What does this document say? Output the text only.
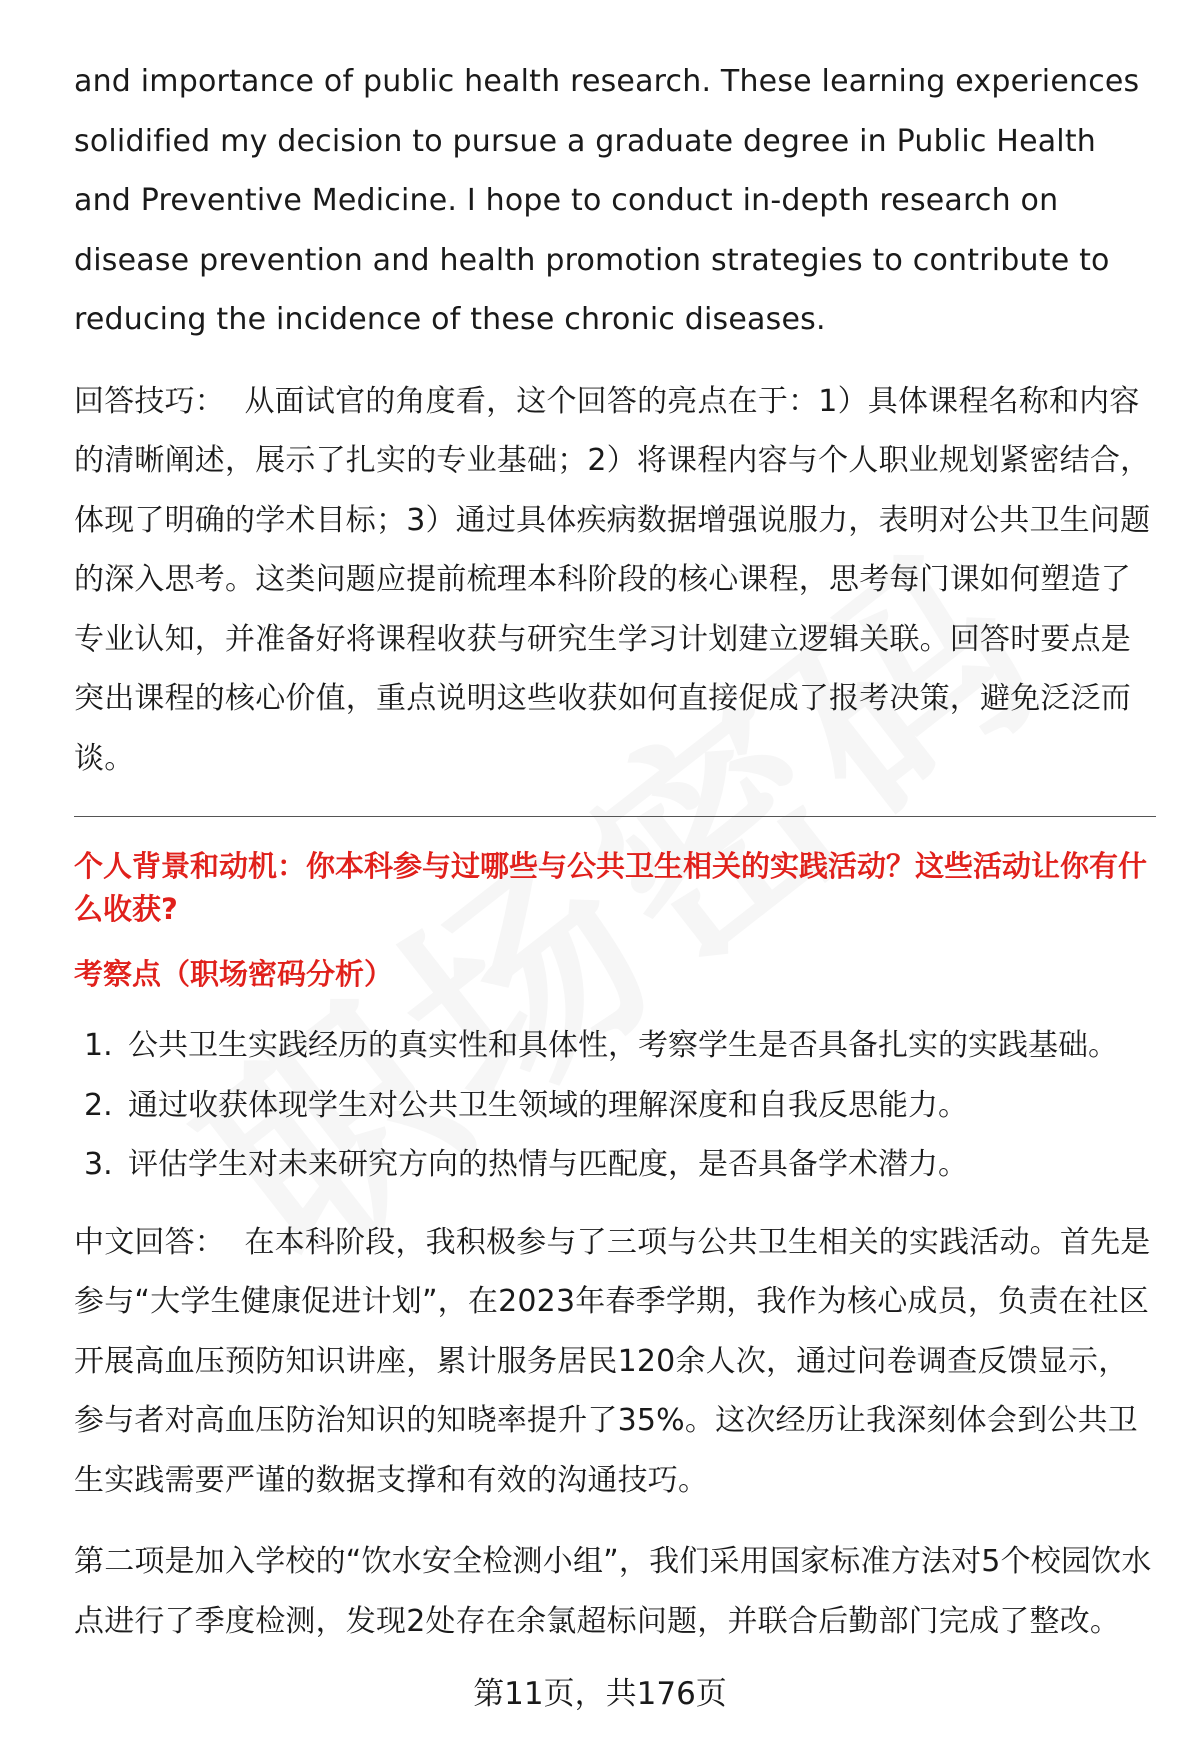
and importance of public health research. These learning experiences solidified my decision to pursue a graduate degree in Public Health and Preventive Medicine. I hope to conduct in-depth research on disease prevention and health promotion strategies to contribute to reducing the incidence of these chronic diseases.

回答技巧： 从面试官的角度看，这个回答的亮点在于：1）具体课程名称和内容的清晰阐述，展示了扎实的专业基础；2）将课程内容与个人职业规划紧密结合，体现了明确的学术目标；3）通过具体疾病数据增强说服力，表明对公共卫生问题的深入思考。这类问题应提前梳理本科阶段的核心课程，思考每门课如何塑造了专业认知，并准备好将课程收获与研究生学习计划建立逻辑关联。回答时要点是突出课程的核心价值，重点说明这些收获如何直接促成了报考决策，避免泛泛而谈。

个人背景和动机：你本科参与过哪些与公共卫生相关的实践活动？这些活动让你有什么收获?
考察点（职场密码分析）
1. 公共卫生实践经历的真实性和具体性，考察学生是否具备扎实的实践基础。
2. 通过收获体现学生对公共卫生领域的理解深度和自我反思能力。
3. 评估学生对未来研究方向的热情与匹配度，是否具备学术潜力。

中文回答： 在本科阶段，我积极参与了三项与公共卫生相关的实践活动。首先是参与“大学生健康促进计划”，在2023年春季学期，我作为核心成员，负责在社区开展高血压预防知识讲座，累计服务居民120余人次，通过问卷调查反馈显示，参与者对高血压防治知识的知晓率提升了35%。这次经历让我深刻体会到公共卫生实践需要严谨的数据支撑和有效的沟通技巧。

第二项是加入学校的“饮水安全检测小组”，我们采用国家标准方法对5个校园饮水点进行了季度检测，发现2处存在余氯超标问题，并联合后勤部门完成了整改。

第11页，共176页
